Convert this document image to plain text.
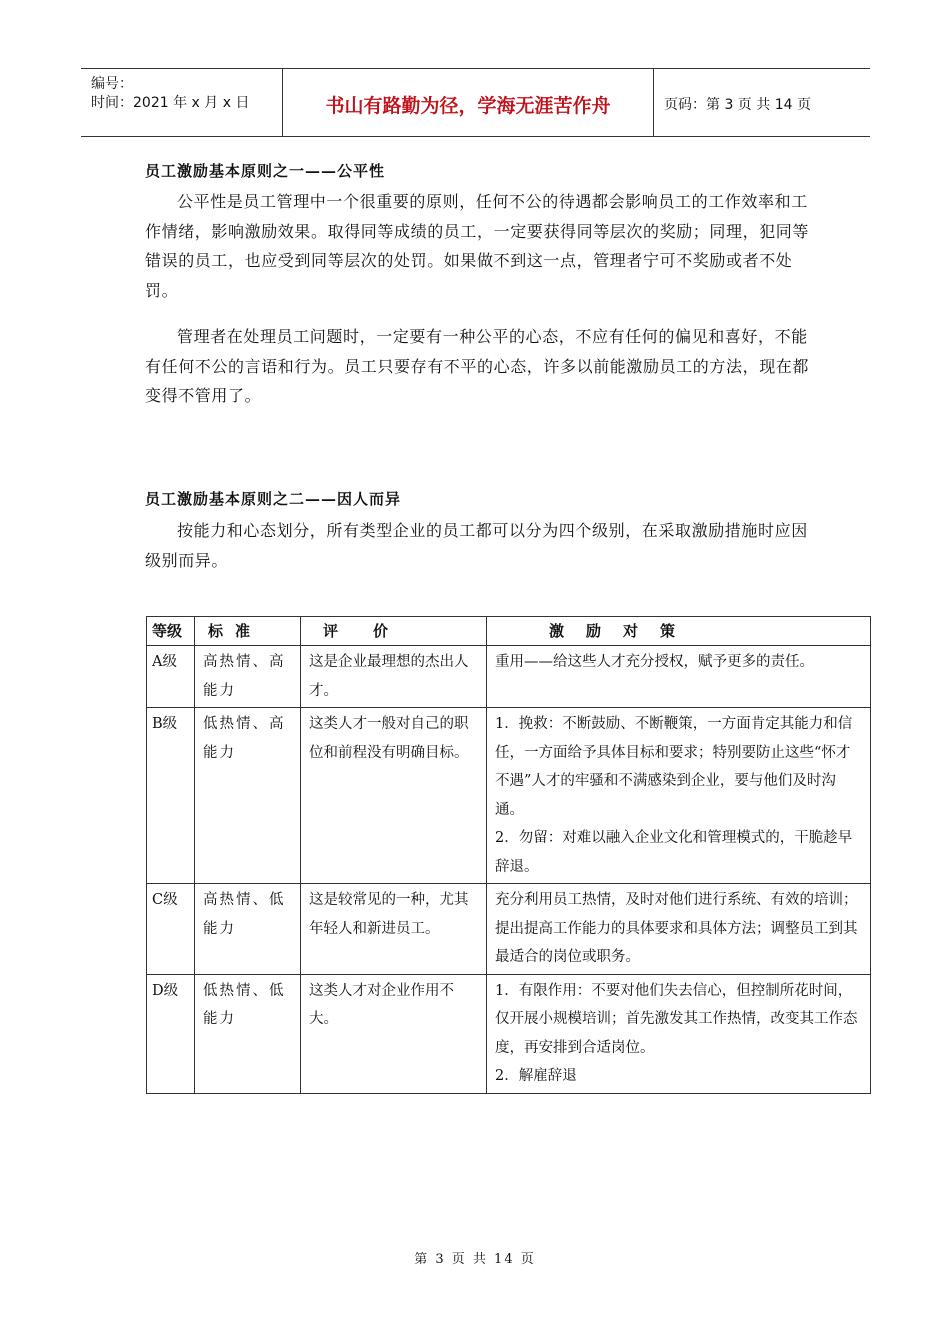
编号：
时间：2021 年 x 月 x 日	书山有路勤为径，学海无涯苦作舟	页码：第 3 页 共 14 页
员工激励基本原则之一——公平性

公平性是员工管理中一个很重要的原则，任何不公的待遇都会影响员工的工作效率和工作情绪，影响激励效果。取得同等成绩的员工，一定要获得同等层次的奖励；同理，犯同等错误的员工，也应受到同等层次的处罚。如果做不到这一点，管理者宁可不奖励或者不处罚。

管理者在处理员工问题时，一定要有一种公平的心态，不应有任何的偏见和喜好，不能有任何不公的言语和行为。员工只要存有不平的心态，许多以前能激励员工的方法，现在都变得不管用了。

员工激励基本原则之二——因人而异

按能力和心态划分，所有类型企业的员工都可以分为四个级别，在采取激励措施时应因级别而异。

等级	标准	评价	激励对策
A级	高热情、高能力	这是企业最理想的杰出人才。	重用——给这些人才充分授权，赋予更多的责任。

B级	低热情、高能力	这类人才一般对自己的职位和前程没有明确目标。	1．挽救：不断鼓励、不断鞭策，一方面肯定其能力和信任，一方面给予具体目标和要求；特别要防止这些“怀才不遇”人才的牢骚和不满感染到企业，要与他们及时沟通。

2．勿留：对难以融入企业文化和管理模式的，干脆趁早辞退。

C级	高热情、低能力	这是较常见的一种，尤其年轻人和新进员工。	充分利用员工热情，及时对他们进行系统、有效的培训；提出提高工作能力的具体要求和具体方法；调整员工到其最适合的岗位或职务。

D级	低热情、低能力	这类人才对企业作用不大。	1．有限作用：不要对他们失去信心，但控制所花时间，仅开展小规模培训；首先激发其工作热情，改变其工作态度，再安排到合适岗位。

2．解雇辞退

第 3 页 共 14 页
